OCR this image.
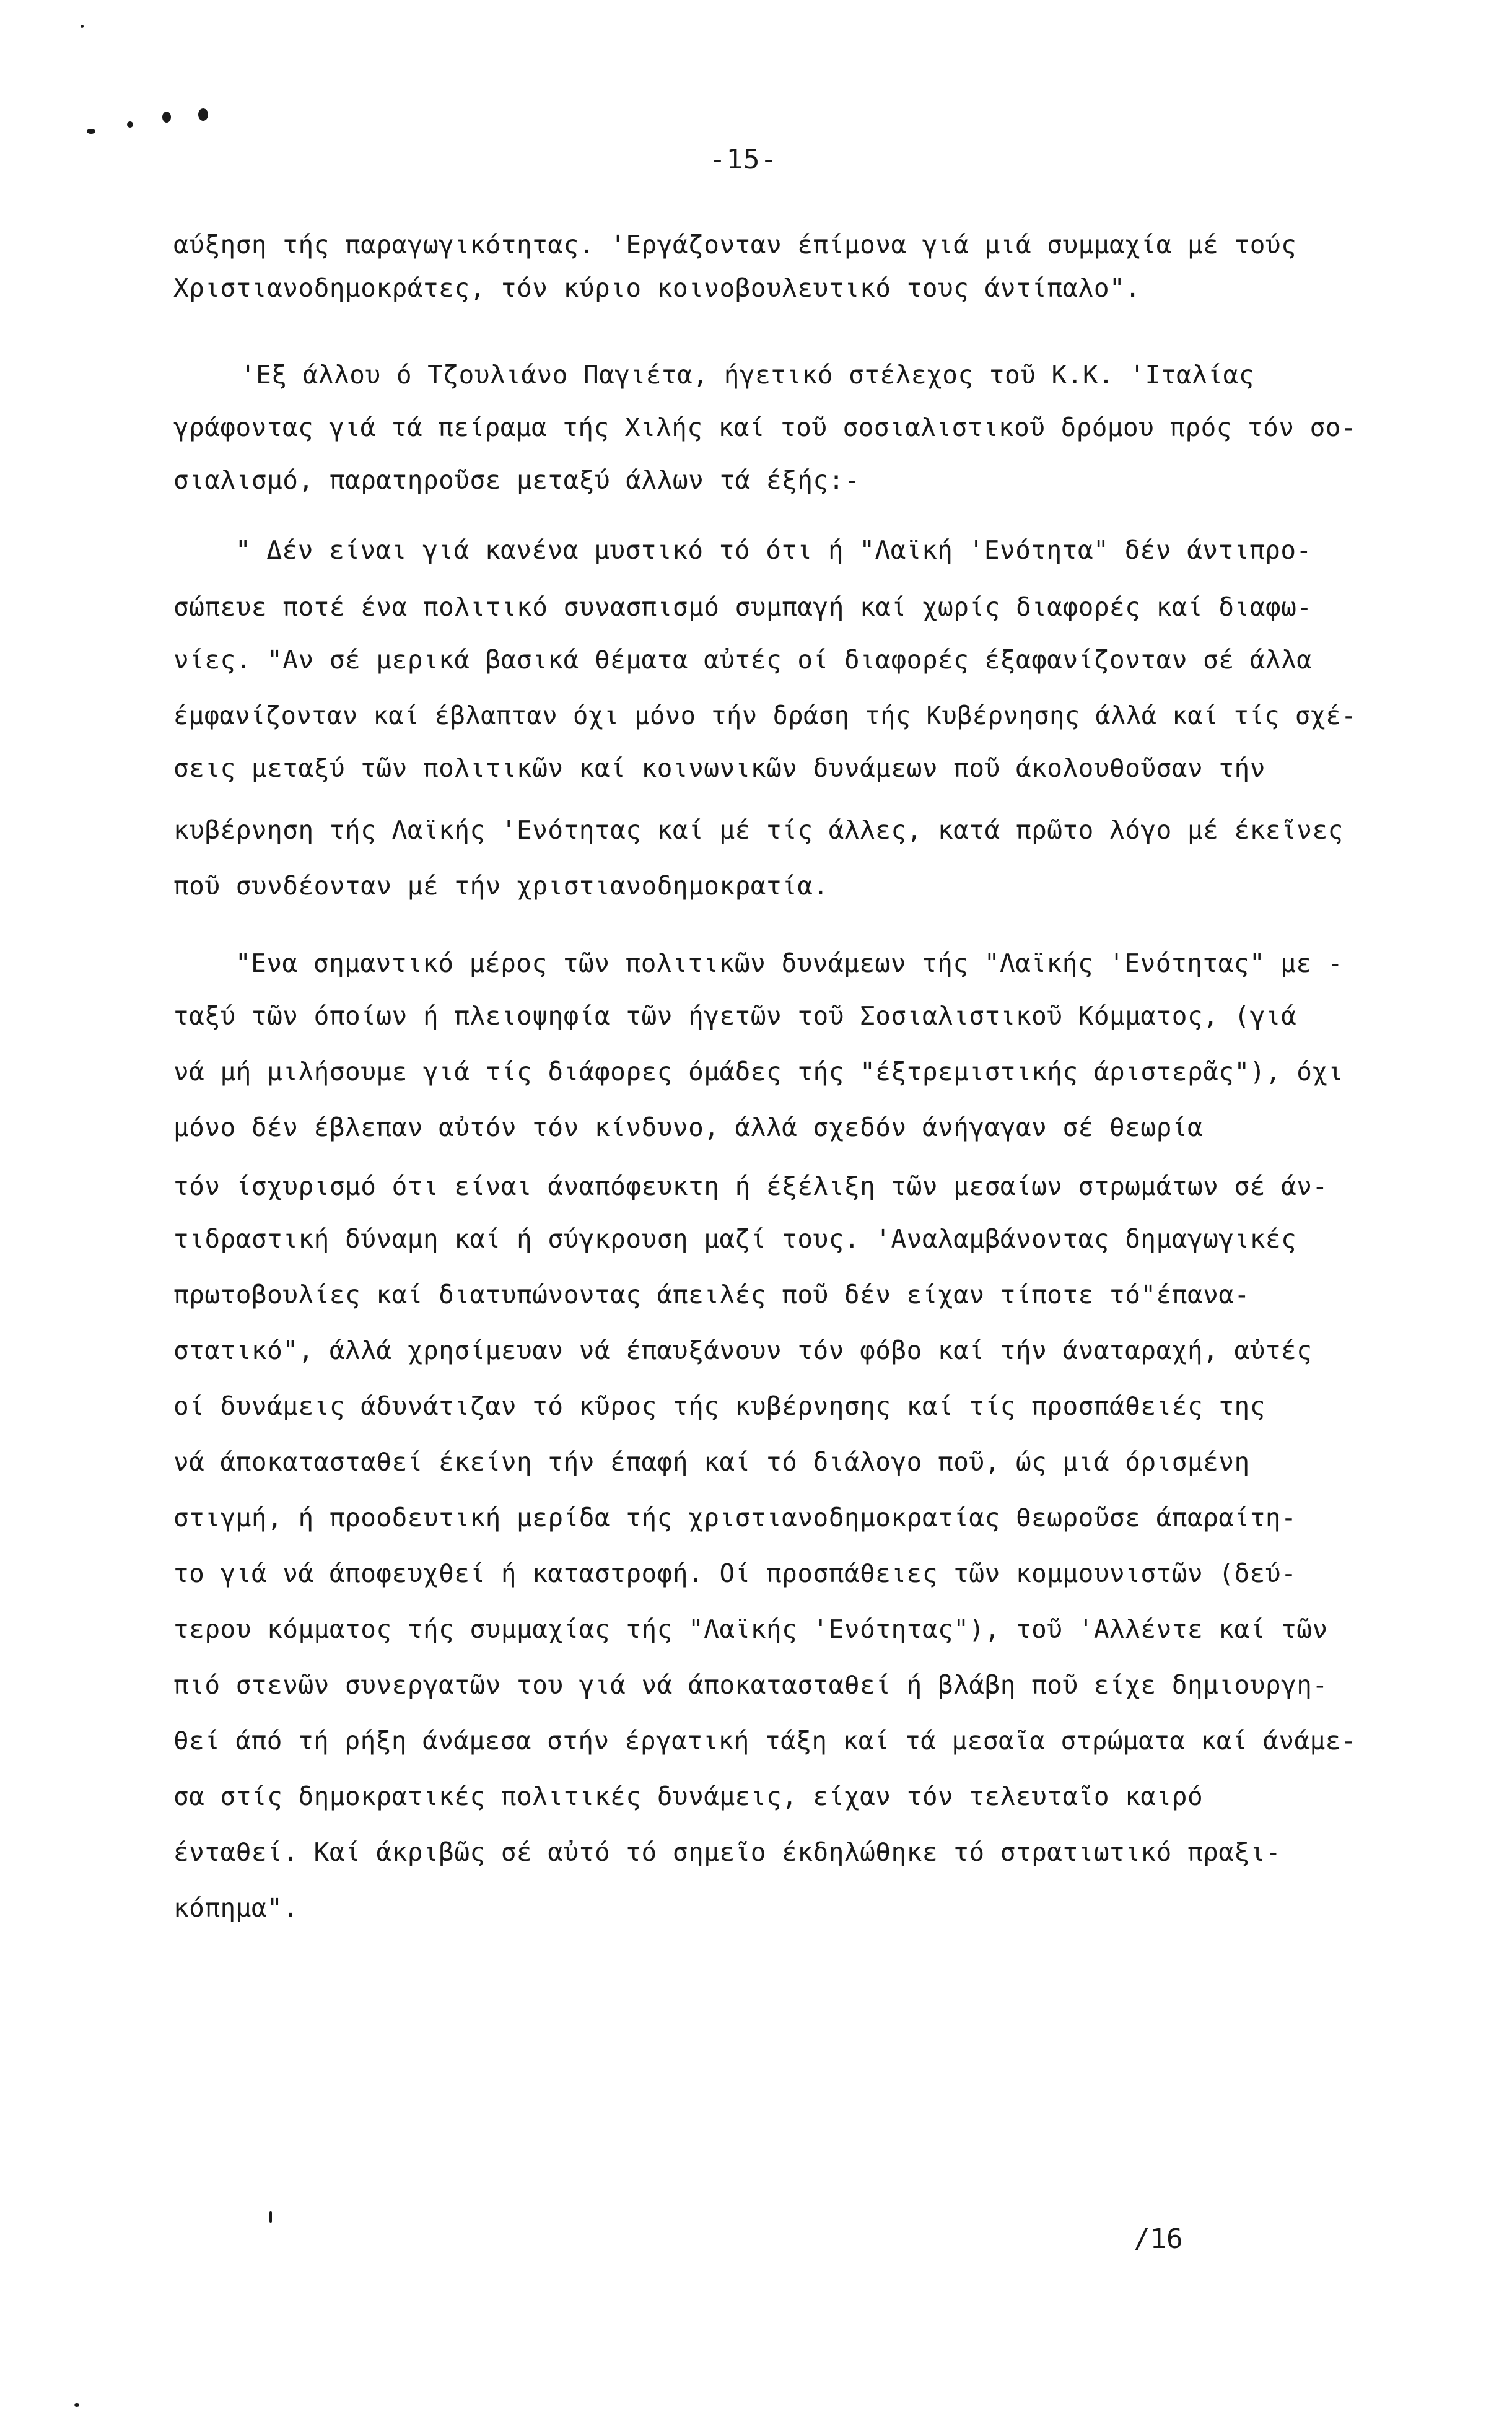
-15-
αύξηση τής παραγωγικότητας. 'Εργάζονταν έπίμονα γιά μιά συμμαχία μέ τούς
Χριστιανοδημοκράτες, τόν κύριο κοινοβουλευτικό τους άντίπαλο".
'Εξ άλλου ό Τζουλιάνο Παγιέτα, ήγετικό στέλεχος τοῦ Κ.Κ. 'Ιταλίας
γράφοντας γιά τά πείραμα τής Χιλής καί τοῦ σοσιαλιστικοῦ δρόμου πρός τόν σο-
σιαλισμό, παρατηροῦσε μεταξύ άλλων τά έξής:-
" Δέν είναι γιά κανένα μυστικό τό ότι ή "Λαϊκή 'Ενότητα" δέν άντιπρο-
σώπευε ποτέ ένα πολιτικό συνασπισμό συμπαγή καί χωρίς διαφορές καί διαφω-
νίες. "Αν σέ μερικά βασικά θέματα αὐτές οί διαφορές έξαφανίζονταν σέ άλλα
έμφανίζονταν καί έβλαπταν όχι μόνο τήν δράση τής Κυβέρνησης άλλά καί τίς σχέ-
σεις μεταξύ τῶν πολιτικῶν καί κοινωνικῶν δυνάμεων ποῦ άκολουθοῦσαν τήν
κυβέρνηση τής Λαϊκής 'Ενότητας καί μέ τίς άλλες, κατά πρῶτο λόγο μέ έκεῖνες
ποῦ συνδέονταν μέ τήν χριστιανοδημοκρατία.
"Ενα σημαντικό μέρος τῶν πολιτικῶν δυνάμεων τής "Λαϊκής 'Ενότητας" με -
ταξύ τῶν όποίων ή πλειοψηφία τῶν ήγετῶν τοῦ Σοσιαλιστικοῦ Κόμματος, (γιά
νά μή μιλήσουμε γιά τίς διάφορες όμάδες τής "έξτρεμιστικής άριστερᾶς"), όχι
μόνο δέν έβλεπαν αὐτόν τόν κίνδυνο, άλλά σχεδόν άνήγαγαν σέ θεωρία
τόν ίσχυρισμό ότι είναι άναπόφευκτη ή έξέλιξη τῶν μεσαίων στρωμάτων σέ άν-
τιδραστική δύναμη καί ή σύγκρουση μαζί τους. 'Αναλαμβάνοντας δημαγωγικές
πρωτοβουλίες καί διατυπώνοντας άπειλές ποῦ δέν είχαν τίποτε τό"έπανα-
στατικό", άλλά χρησίμευαν νά έπαυξάνουν τόν φόβο καί τήν άναταραχή, αὐτές
οί δυνάμεις άδυνάτιζαν τό κῦρος τής κυβέρνησης καί τίς προσπάθειές της
νά άποκατασταθεί έκείνη τήν έπαφή καί τό διάλογο ποῦ, ώς μιά όρισμένη
στιγμή, ή προοδευτική μερίδα τής χριστιανοδημοκρατίας θεωροῦσε άπαραίτη-
το γιά νά άποφευχθεί ή καταστροφή. Οί προσπάθειες τῶν κομμουνιστῶν (δεύ-
τερου κόμματος τής συμμαχίας τής "Λαϊκής 'Ενότητας"), τοῦ 'Αλλέντε καί τῶν
πιό στενῶν συνεργατῶν του γιά νά άποκατασταθεί ή βλάβη ποῦ είχε δημιουργη-
θεί άπό τή ρήξη άνάμεσα στήν έργατική τάξη καί τά μεσαῖα στρώματα καί άνάμε-
σα στίς δημοκρατικές πολιτικές δυνάμεις, είχαν τόν τελευταῖο καιρό
ένταθεί. Καί άκριβῶς σέ αὐτό τό σημεῖο έκδηλώθηκε τό στρατιωτικό πραξι-
κόπημα".
/16
